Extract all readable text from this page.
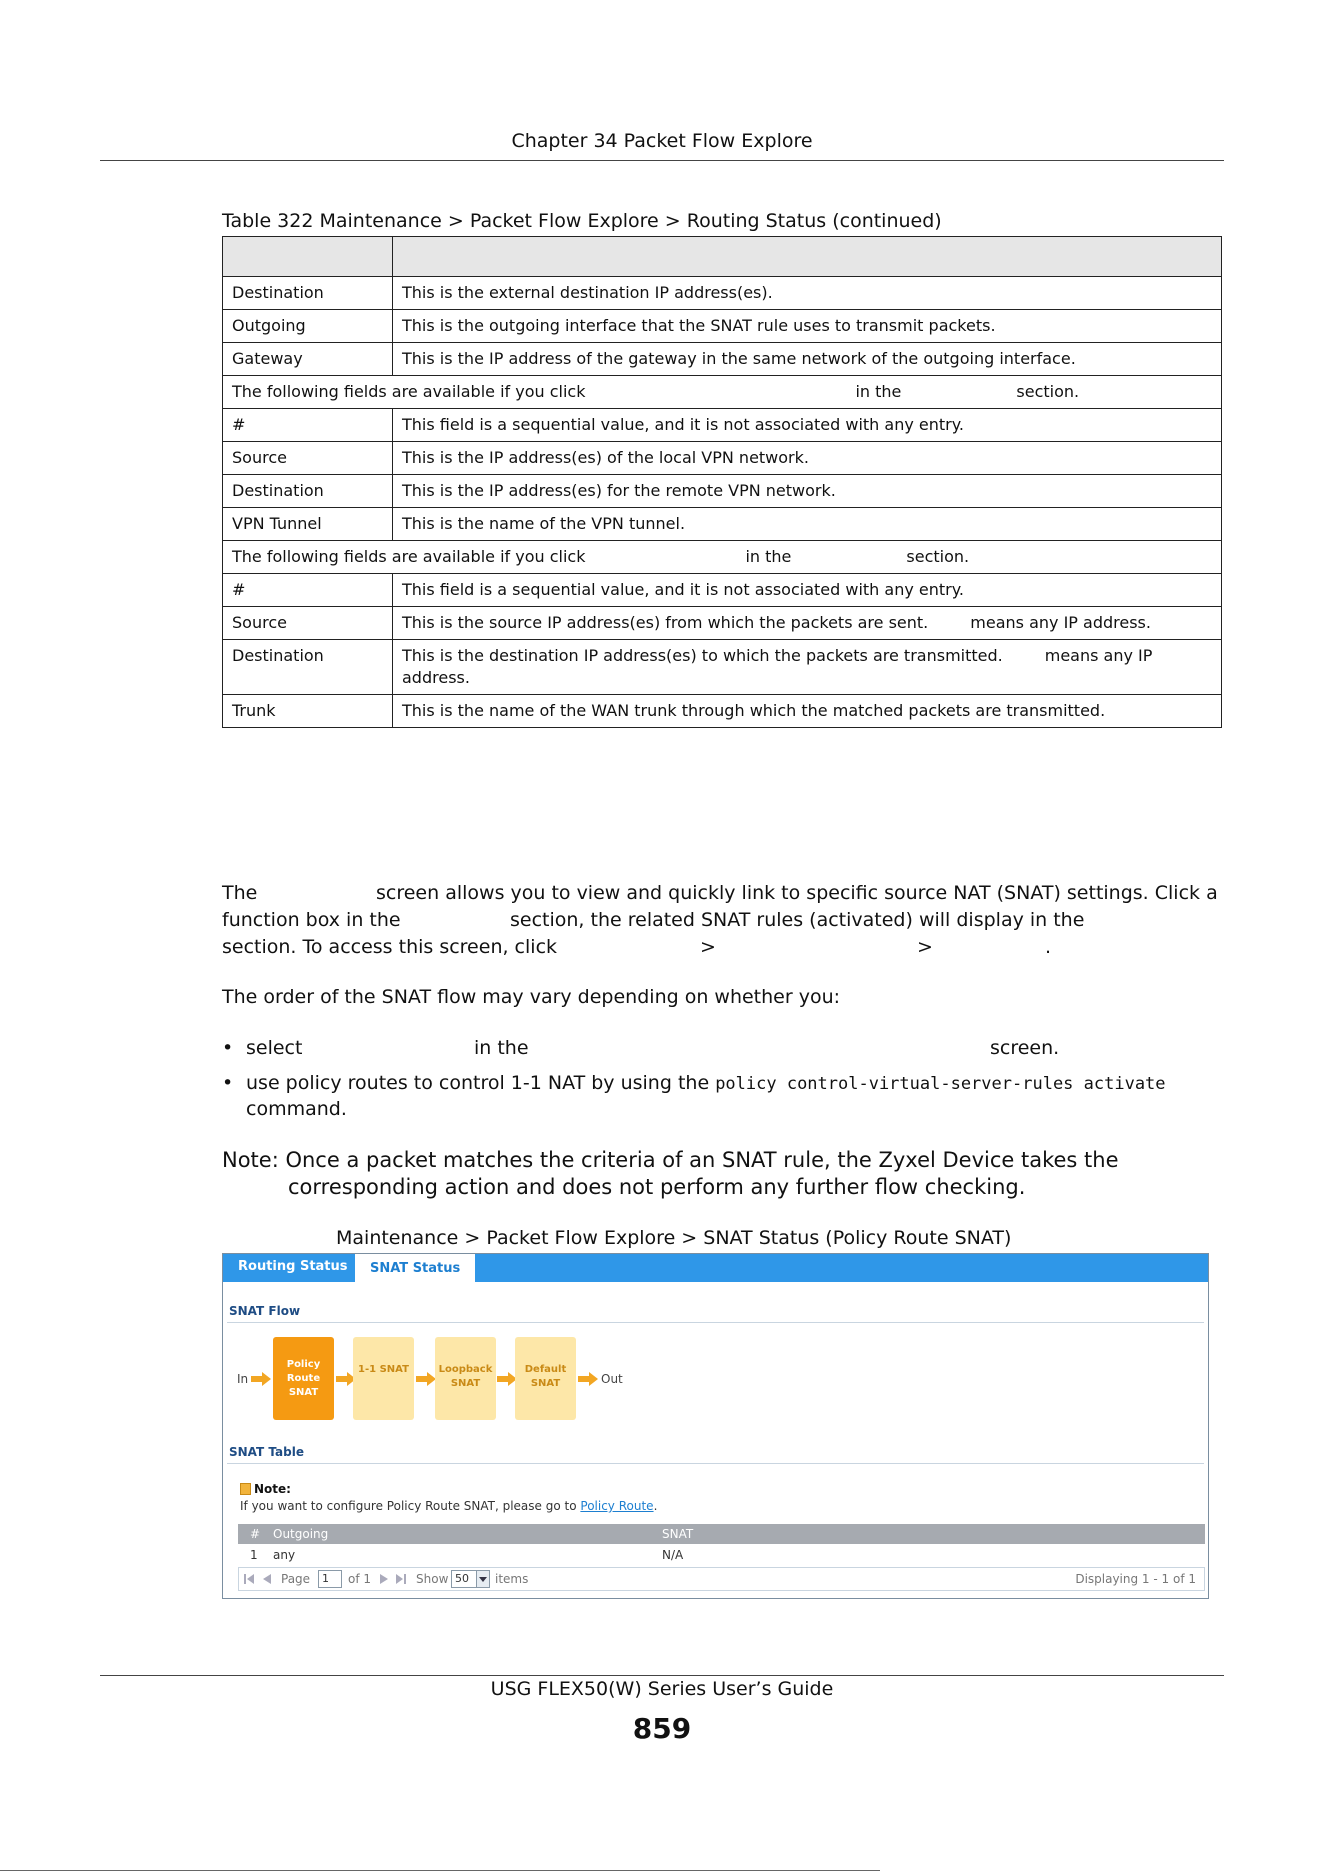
Chapter 34 Packet Flow Explore
Table 322 Maintenance > Packet Flow Explore > Routing Status (continued)

Destination	This is the external destination IP address(es).
Outgoing	This is the outgoing interface that the SNAT rule uses to transmit packets.
Gateway	This is the IP address of the gateway in the same network of the outgoing interface.
The following fields are available if you click in the section.	
#	This field is a sequential value, and it is not associated with any entry.
Source	This is the IP address(es) of the local VPN network.
Destination	This is the IP address(es) for the remote VPN network.
VPN Tunnel	This is the name of the VPN tunnel.
The following fields are available if you click in the section.	
#	This field is a sequential value, and it is not associated with any entry.
Source	This is the source IP address(es) from which the packets are sent. means any IP address.
Destination	This is the destination IP address(es) to which the packets are transmitted. means any IP address.
Trunk	This is the name of the WAN trunk through which the matched packets are transmitted.
The	screen allows you to view and quickly link to specific source NAT (SNAT) settings. Click a
function box in the	section, the related SNAT rules (activated) will display in the
section. To access this screen, click	>	>	.
The order of the SNAT flow may vary depending on whether you:
• select	in the	screen.
• use policy routes to control 1-1 NAT by using the policy control-virtual-server-rules activate command.
Note: Once a packet matches the criteria of an SNAT rule, the Zyxel Device takes the
corresponding action and does not perform any further flow checking.
Maintenance > Packet Flow Explore > SNAT Status (Policy Route SNAT)
Routing Status	SNAT Status
SNAT Flow
In
Policy
Route
SNAT
1-1 SNAT	Loopback
SNAT
Default
SNAT	Out
SNAT Table
Note:
If you want to configure Policy Route SNAT, please go to Policy Route.
# Outgoing	SNAT
1 any	N/A
Page	1	of 1	Show 50	items	Displaying 1 - 1 of 1
USG FLEX50(W) Series User’s Guide
859
